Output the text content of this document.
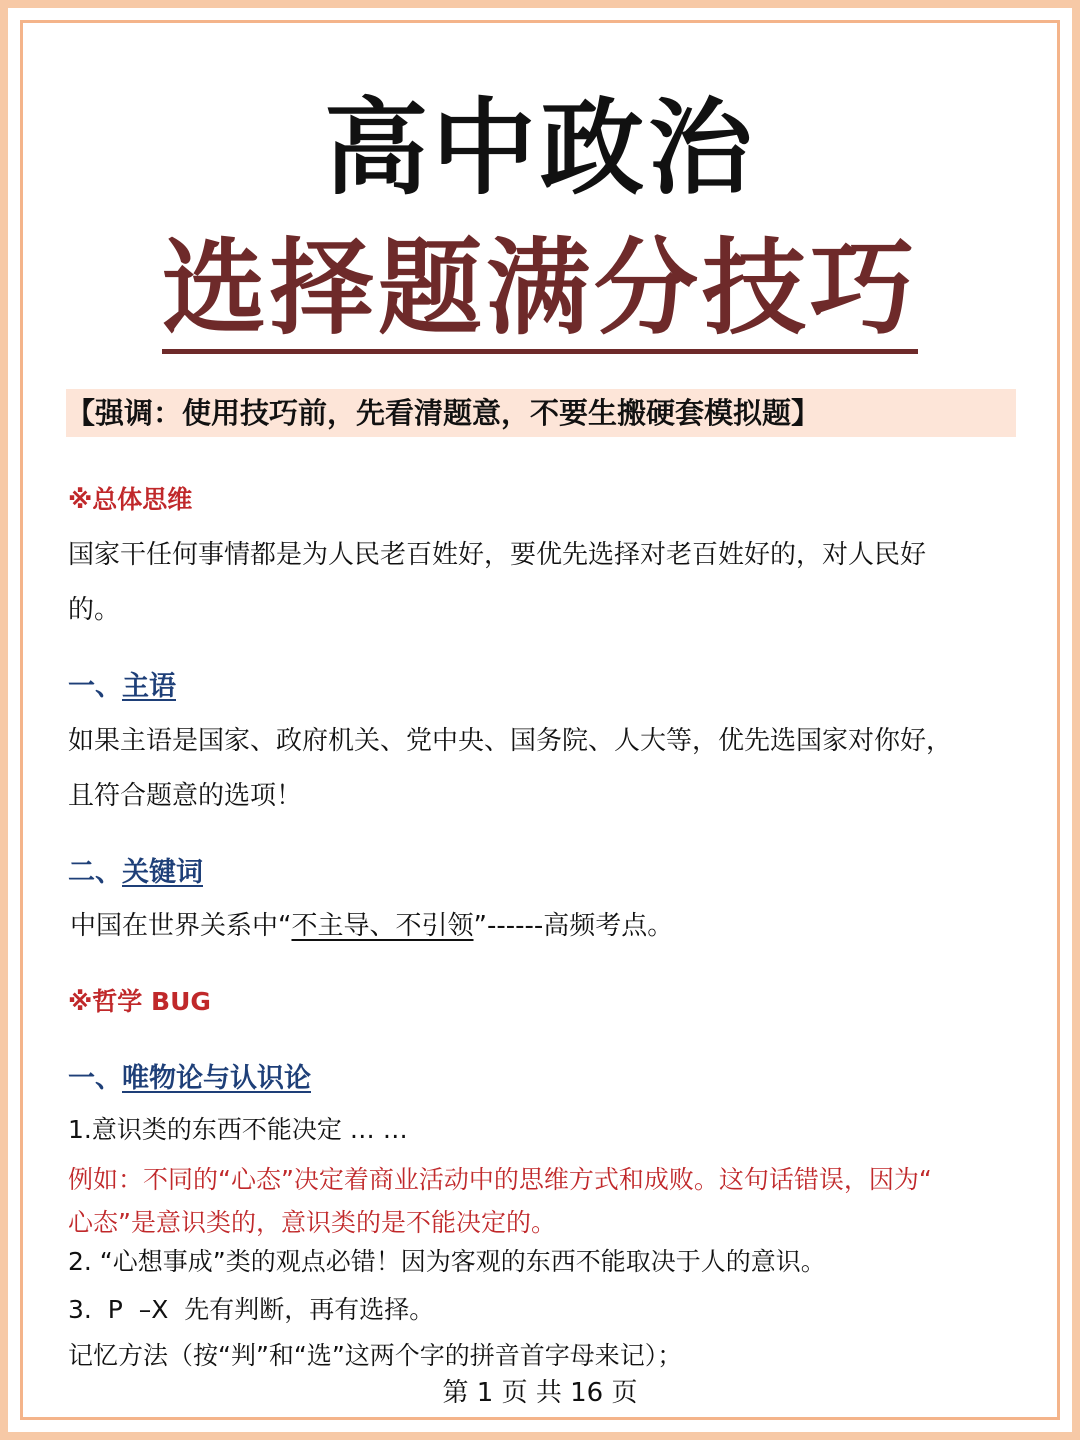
高中政治
选择题满分技巧
【强调：使用技巧前，先看清题意，不要生搬硬套模拟题】
※总体思维
国家干任何事情都是为人民老百姓好，要优先选择对老百姓好的，对人民好
的。
一、主语
如果主语是国家、政府机关、党中央、国务院、人大等，优先选国家对你好，
且符合题意的选项！
二、关键词
中国在世界关系中“不主导、不引领”------高频考点。
※哲学 BUG
一、唯物论与认识论
1.意识类的东西不能决定 … …
例如：不同的“心态”决定着商业活动中的思维方式和成败。这句话错误，因为“
心态”是意识类的，意识类的是不能决定的。
2. “心想事成”类的观点必错！因为客观的东西不能取决于人的意识。
3.  P  –X  先有判断，再有选择。
记忆方法（按“判”和“选”这两个字的拼音首字母来记）；
第 1 页 共 16 页
